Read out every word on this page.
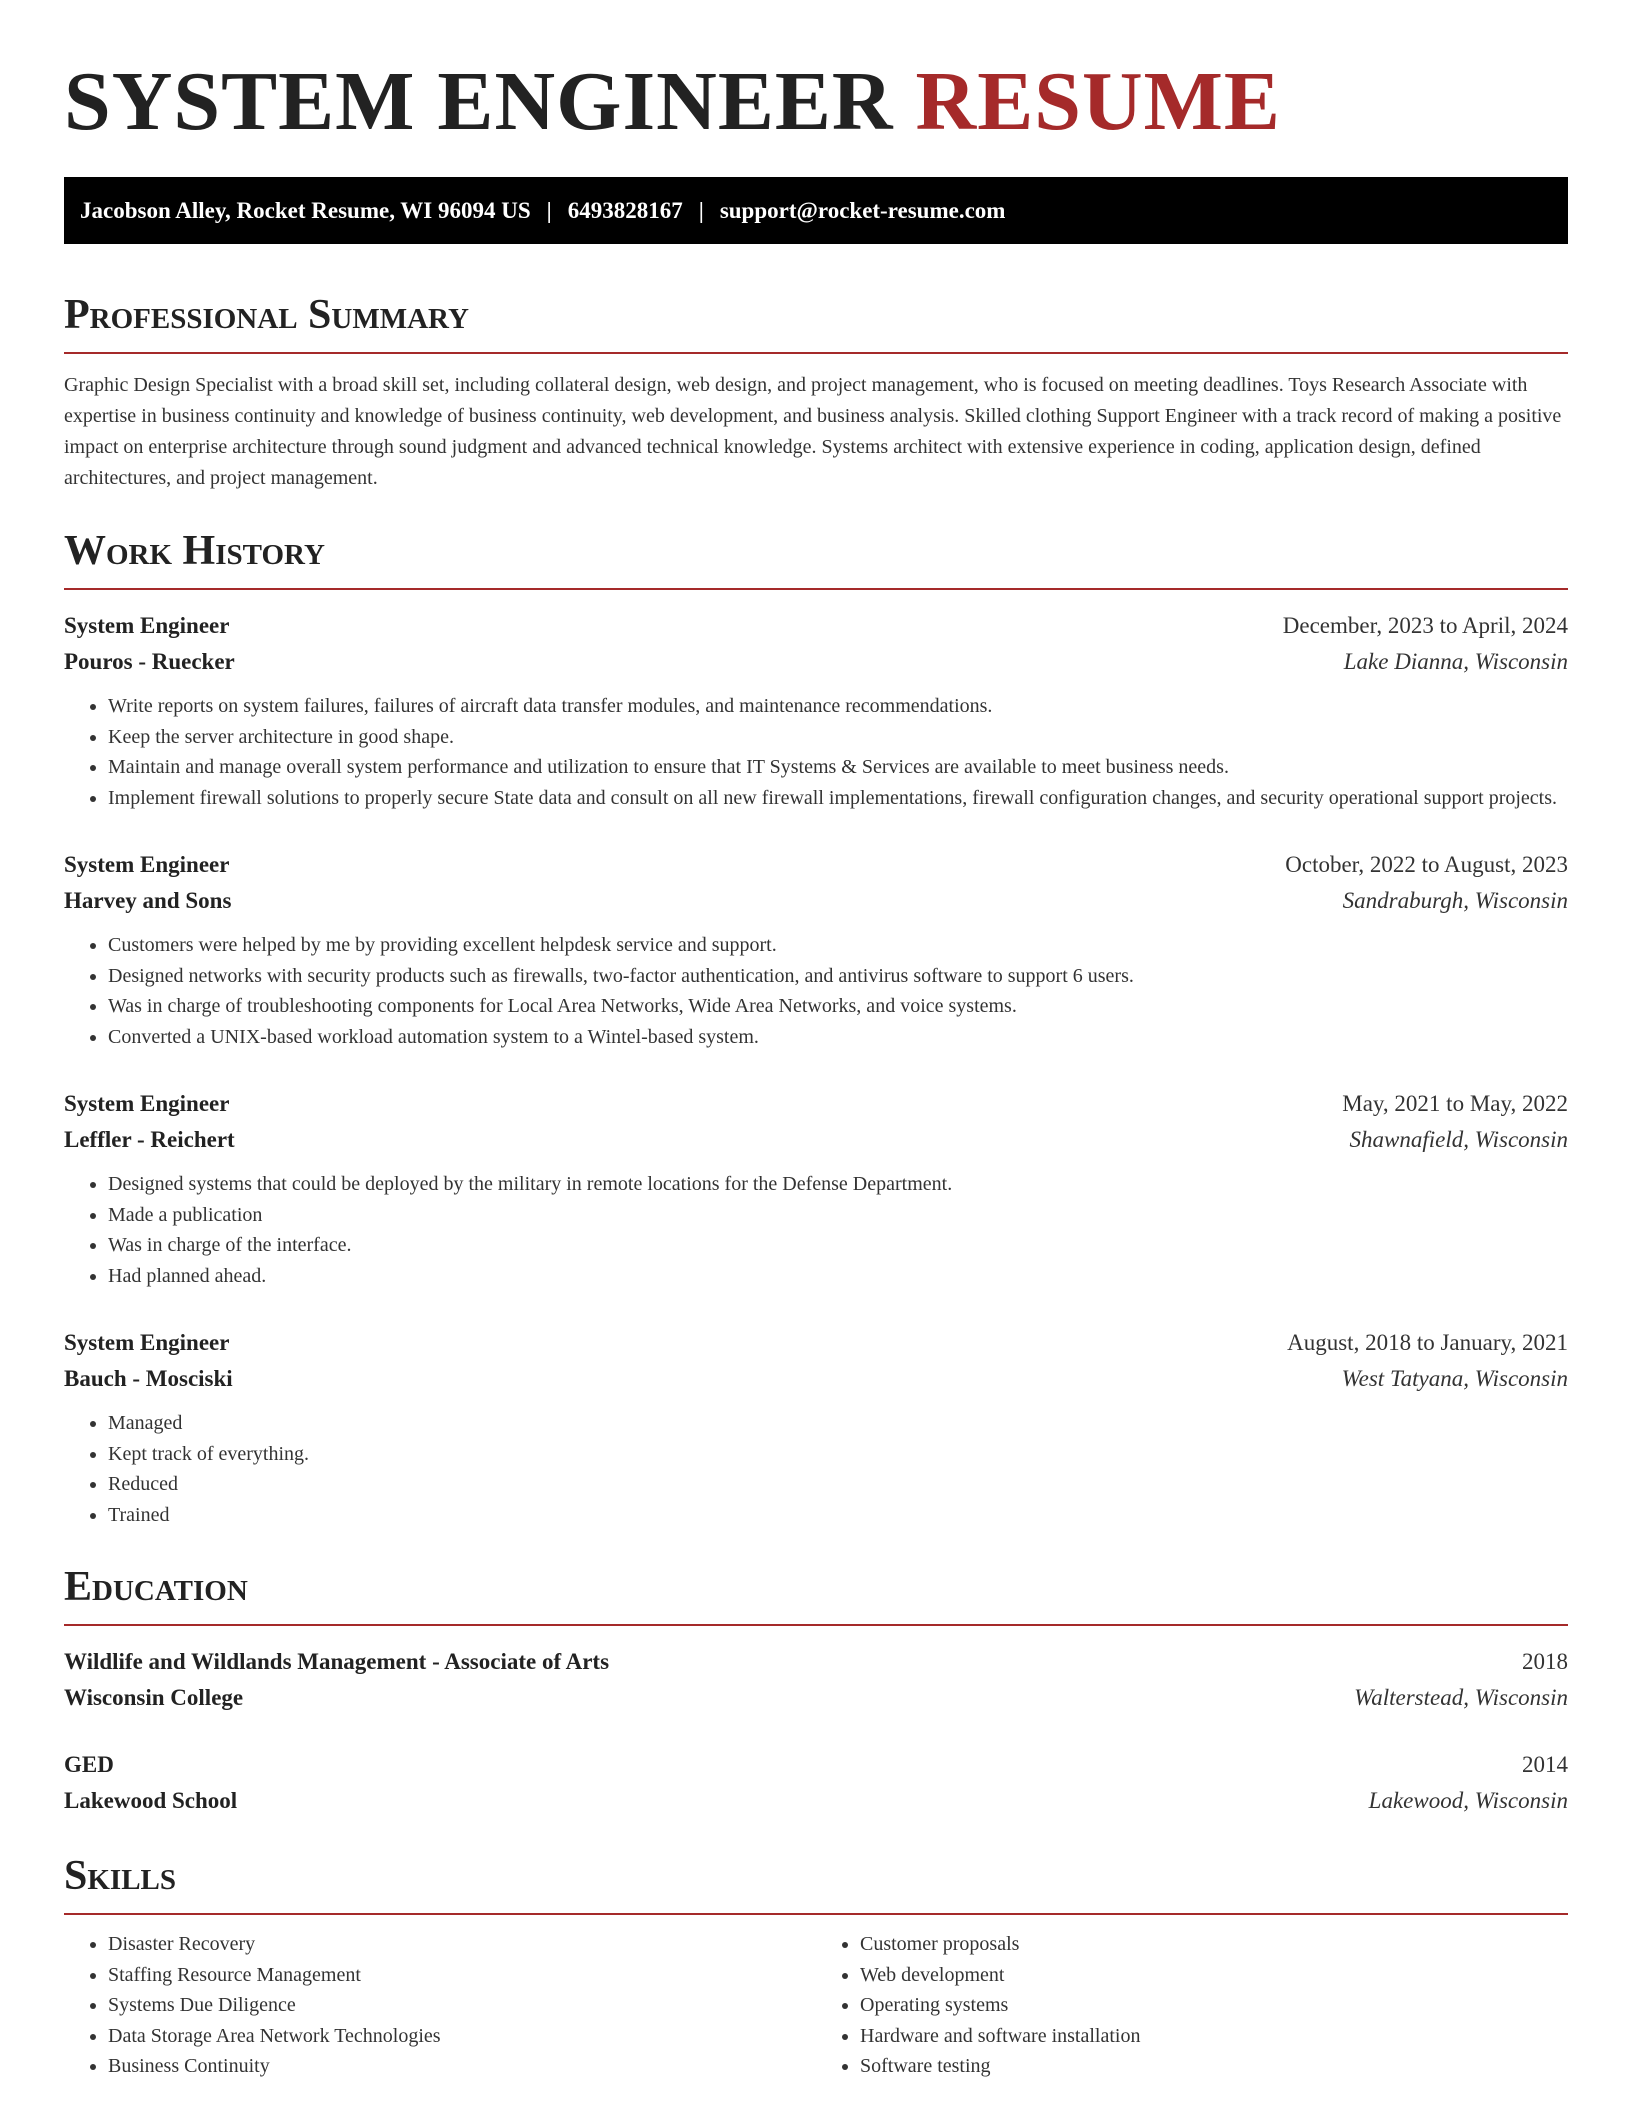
SYSTEM ENGINEER RESUME
Jacobson Alley, Rocket Resume, WI 96094 US | 6493828167 | support@rocket-resume.com
Professional Summary

Graphic Design Specialist with a broad skill set, including collateral design, web design, and project management, who is focused on meeting deadlines. Toys Research Associate with expertise in business continuity and knowledge of business continuity, web development, and business analysis. Skilled clothing Support Engineer with a track record of making a positive impact on enterprise architecture through sound judgment and advanced technical knowledge. Systems architect with extensive experience in coding, application design, defined architectures, and project management.

Work History
System Engineer	December, 2023 to April, 2024
Pouros - Ruecker	Lake Dianna, Wisconsin
• Write reports on system failures, failures of aircraft data transfer modules, and maintenance recommendations.
• Keep the server architecture in good shape.
• Maintain and manage overall system performance and utilization to ensure that IT Systems & Services are available to meet business needs.
• Implement firewall solutions to properly secure State data and consult on all new firewall implementations, firewall configuration changes, and security operational support projects.
System Engineer	October, 2022 to August, 2023
Harvey and Sons	Sandraburgh, Wisconsin
• Customers were helped by me by providing excellent helpdesk service and support.
• Designed networks with security products such as firewalls, two-factor authentication, and antivirus software to support 6 users.
• Was in charge of troubleshooting components for Local Area Networks, Wide Area Networks, and voice systems.
• Converted a UNIX-based workload automation system to a Wintel-based system.
System Engineer	May, 2021 to May, 2022
Leffler - Reichert	Shawnafield, Wisconsin
• Designed systems that could be deployed by the military in remote locations for the Defense Department.
• Made a publication
• Was in charge of the interface.
• Had planned ahead.
System Engineer	August, 2018 to January, 2021
Bauch - Mosciski	West Tatyana, Wisconsin
• Managed
• Kept track of everything.
• Reduced
• Trained
Education
Wildlife and Wildlands Management - Associate of Arts	2018
Wisconsin College	Walterstead, Wisconsin
GED	2014
Lakewood School	Lakewood, Wisconsin
Skills
• Disaster Recovery
• Staffing Resource Management
• Systems Due Diligence
• Data Storage Area Network Technologies
• Business Continuity
• Customer proposals
• Web development
• Operating systems
• Hardware and software installation
• Software testing
